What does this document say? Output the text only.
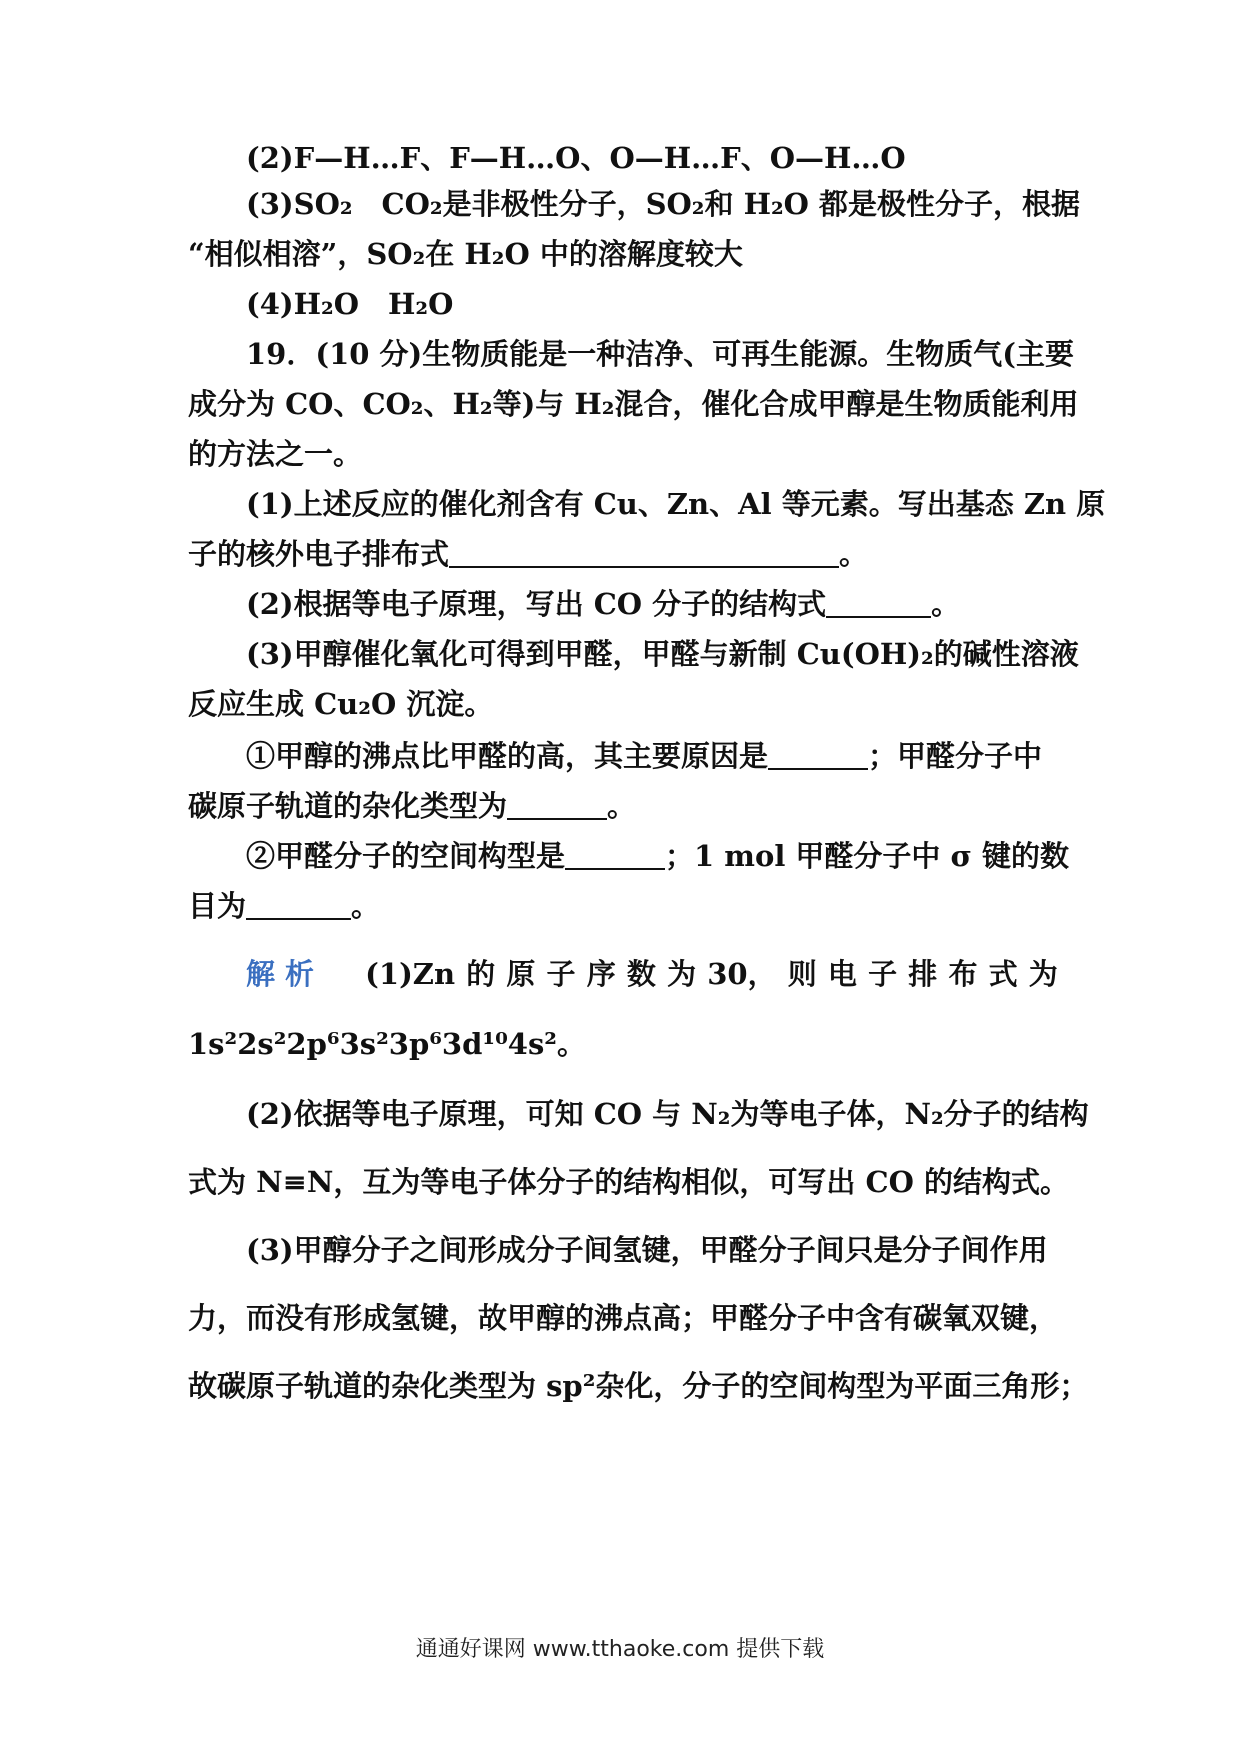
(2)F—H…F、F—H…O、O—H…F、O—H…O
(3)SO₂　CO₂是非极性分子，SO₂和 H₂O 都是极性分子，根据
“相似相溶”，SO₂在 H₂O 中的溶解度较大
(4)H₂O　H₂O
19．(10 分)生物质能是一种洁净、可再生能源。生物质气(主要
成分为 CO、CO₂、H₂等)与 H₂混合，催化合成甲醇是生物质能利用
的方法之一。
(1)上述反应的催化剂含有 Cu、Zn、Al 等元素。写出基态 Zn 原
子的核外电子排布式	。
(2)根据等电子原理，写出 CO 分子的结构式	。
(3)甲醇催化氧化可得到甲醛，甲醛与新制 Cu(OH)₂的碱性溶液
反应生成 Cu₂O 沉淀。
①甲醇的沸点比甲醛的高，其主要原因是	；甲醛分子中
碳原子轨道的杂化类型为	。
②甲醛分子的空间构型是	；1 mol 甲醛分子中 σ 键的数
目为	。
解析 (1)Zn 的 原 子 序 数 为 30， 则 电 子 排 布 式 为
1s²2s²2p⁶3s²3p⁶3d¹⁰4s²。
(2)依据等电子原理，可知 CO 与 N₂为等电子体，N₂分子的结构
式为 N≡N，互为等电子体分子的结构相似，可写出 CO 的结构式。
(3)甲醇分子之间形成分子间氢键，甲醛分子间只是分子间作用
力，而没有形成氢键，故甲醇的沸点高；甲醛分子中含有碳氧双键，
故碳原子轨道的杂化类型为 sp²杂化，分子的空间构型为平面三角形；
通通好课网 www.tthaoke.com 提供下载
